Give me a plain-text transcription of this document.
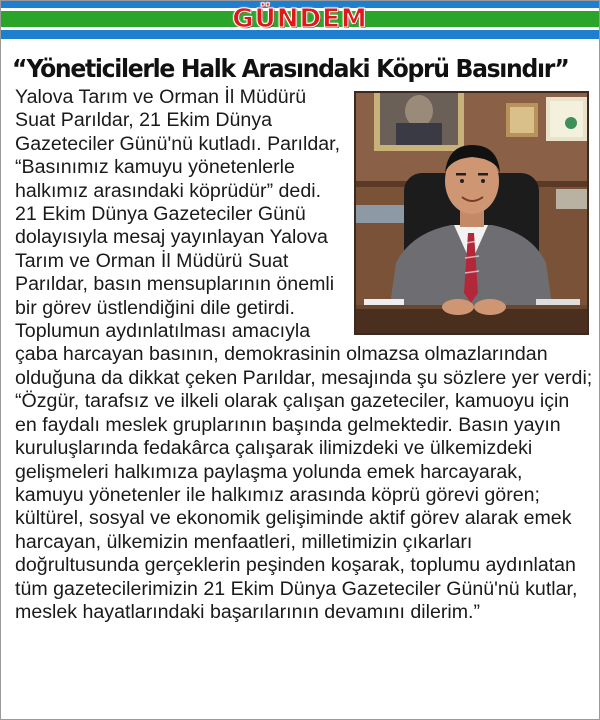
GÜNDEM
“Yöneticilerle Halk Arasındaki Köprü Basındır”
Yalova Tarım ve Orman İl Müdürü Suat Parıldar, 21 Ekim Dünya Gazeteciler Günü'nü kutladı. Parıldar, “Basınımız kamuyu yönetenlerle halkımız arasındaki köprüdür” dedi. 21 Ekim Dünya Gazeteciler Günü dolayısıyla mesaj yayınlayan Yalova Tarım ve Orman İl Müdürü Suat Parıldar, basın mensuplarının önemli bir görev üstlendiğini dile getirdi. Toplumun aydınlatılması amacıyla çaba harcayan basının, demokrasinin olmazsa olmazlarından olduğuna da dikkat çeken Parıldar, mesajında şu sözlere yer verdi; “Özgür, tarafsız ve ilkeli olarak çalışan gazeteciler, kamuoyu için en faydalı meslek gruplarının başında gelmektedir. Basın yayın kuruluşlarında fedakârca çalışarak ilimizdeki ve ülkemizdeki gelişmeleri halkımıza paylaşma yolunda emek harcayarak, kamuyu yönetenler ile halkımız arasında köprü görevi gören; kültürel, sosyal ve ekonomik gelişiminde aktif görev alarak emek harcayan, ülkemizin menfaatleri, milletimizin çıkarları doğrultusunda gerçeklerin peşinden koşarak, toplumu aydınlatan tüm gazetecilerimizin 21 Ekim Dünya Gazeteciler Günü'nü kutlar, meslek hayatlarındaki başarılarının devamını dilerim.”
